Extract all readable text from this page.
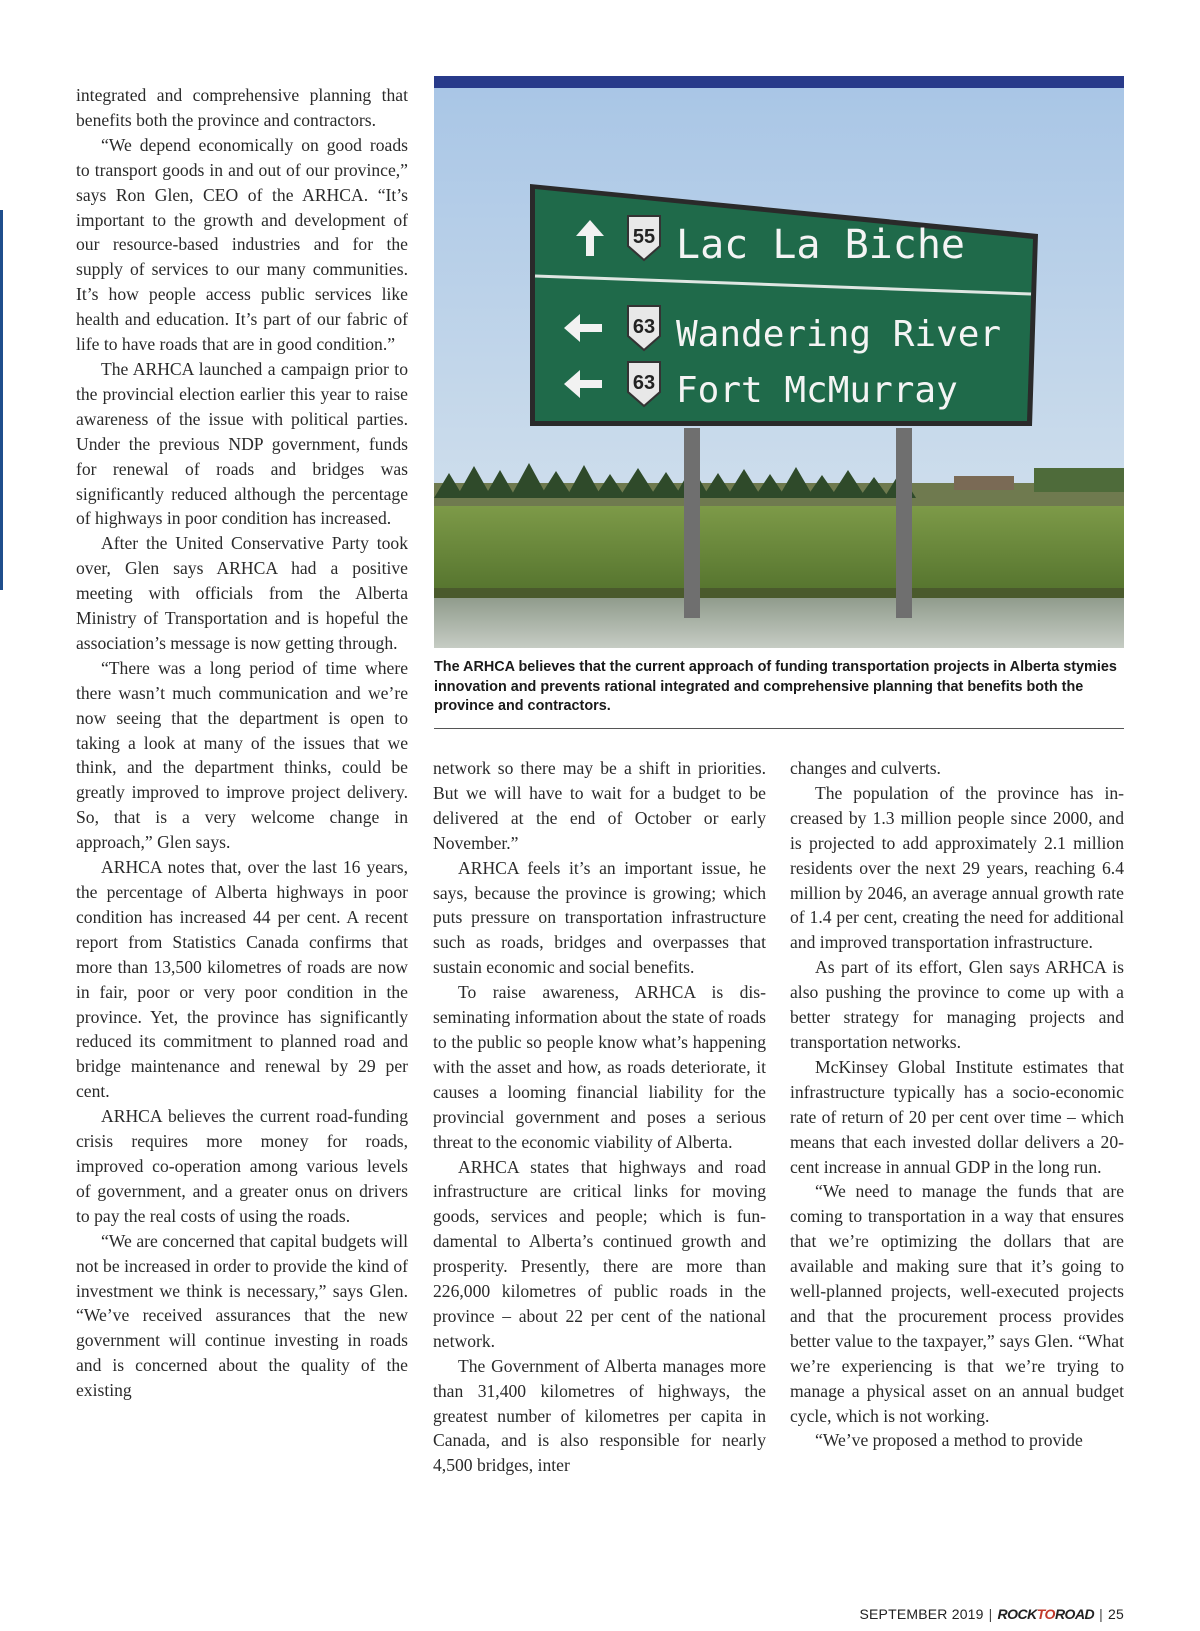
integrated and comprehensive planning that benefits both the province and contractors.

“We depend economically on good roads to transport goods in and out of our province,” says Ron Glen, CEO of the ARHCA. “It’s important to the growth and development of our resource-based industries and for the supply of services to our many communities. It’s how people access public services like health and education. It’s part of our fabric of life to have roads that are in good condition.”

The ARHCA launched a campaign prior to the provincial election earlier this year to raise awareness of the issue with political parties. Under the previous NDP government, funds for renewal of roads and bridges was significantly reduced although the percentage of highways in poor condition has increased.

After the United Conservative Party took over, Glen says ARHCA had a positive meeting with officials from the Alberta Ministry of Transportation and is hopeful the association’s message is now getting through.

“There was a long period of time where there wasn’t much communication and we’re now seeing that the department is open to taking a look at many of the issues that we think, and the department thinks, could be greatly improved to improve project delivery. So, that is a very welcome change in approach,” Glen says.

ARHCA notes that, over the last 16 years, the percentage of Alberta highways in poor condition has increased 44 per cent. A recent report from Statistics Canada confirms that more than 13,500 kilometres of roads are now in fair, poor or very poor condition in the province. Yet, the province has significantly reduced its commitment to planned road and bridge maintenance and renewal by 29 per cent.

ARHCA believes the current road-funding crisis requires more money for roads, improved co-operation among various levels of government, and a greater onus on drivers to pay the real costs of using the roads.

“We are concerned that capital budgets will not be increased in order to provide the kind of investment we think is necessary,” says Glen. “We’ve received assurances that the new government will continue investing in roads and is concerned about the quality of the existing

55 Lac La Biche
63 Wandering River
63 Fort McMurray
The ARHCA believes that the current approach of funding transportation projects in Alberta stymies innovation and prevents rational integrated and comprehensive planning that benefits both the province and contractors.

network so there may be a shift in priorities. But we will have to wait for a budget to be delivered at the end of October or early November.”

ARHCA feels it’s an important issue, he says, because the province is growing; which puts pressure on transportation infrastructure such as roads, bridges and overpasses that sustain economic and social benefits.

To raise awareness, ARHCA is disseminating information about the state of roads to the public so people know what’s happening with the asset and how, as roads deteriorate, it causes a looming financial liability for the provincial government and poses a serious threat to the economic viability of Alberta.

ARHCA states that highways and road infrastructure are critical links for moving goods, services and people; which is fundamental to Alberta’s continued growth and prosperity. Presently, there are more than 226,000 kilometres of public roads in the province – about 22 per cent of the national network.

The Government of Alberta manages more than 31,400 kilometres of highways, the greatest number of kilometres per capita in Canada, and is also responsible for nearly 4,500 bridges, inter

changes and culverts.

The population of the province has increased by 1.3 million people since 2000, and is projected to add approximately 2.1 million residents over the next 29 years, reaching 6.4 million by 2046, an average annual growth rate of 1.4 per cent, creating the need for additional and improved transportation infrastructure.

As part of its effort, Glen says ARHCA is also pushing the province to come up with a better strategy for managing projects and transportation networks.

McKinsey Global Institute estimates that infrastructure typically has a socio-economic rate of return of 20 per cent over time – which means that each invested dollar delivers a 20-cent increase in annual GDP in the long run.

“We need to manage the funds that are coming to transportation in a way that ensures that we’re optimizing the dollars that are available and making sure that it’s going to well-planned projects, well-executed projects and that the procurement process provides better value to the taxpayer,” says Glen. “What we’re experiencing is that we’re trying to manage a physical asset on an annual budget cycle, which is not working.

“We’ve proposed a method to provide

SEPTEMBER 2019 | ROCKTOROAD | 25
